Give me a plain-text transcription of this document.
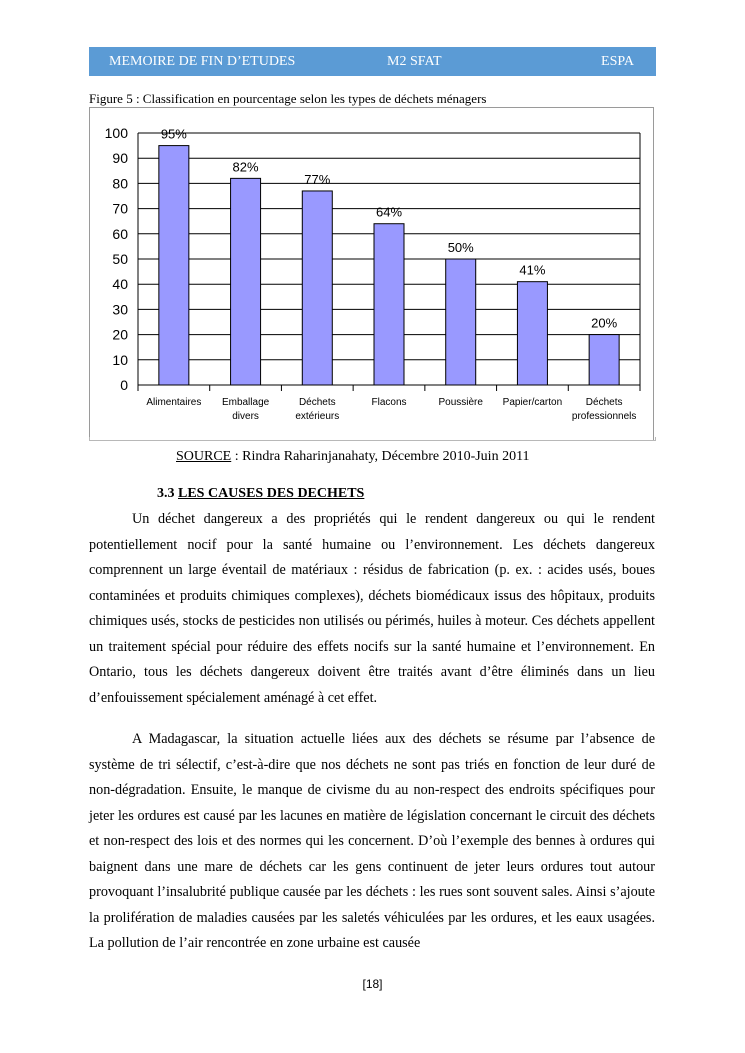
MEMOIRE DE FIN D’ETUDES	M2 SFAT	ESPA
Figure 5 : Classification en pourcentage selon les types de déchets ménagers
0
10
20
30
40
50
60
70
80
90
100	95%
Alimentaires
82%
Emballage
divers
77%
Déchets
extérieurs
64%
Flacons
50%
Poussière
41%
Papier/carton
20%
Déchets
professionnels
SOURCE : Rindra Raharinjanahaty, Décembre 2010-Juin 2011
3.3 LES CAUSES DES DECHETS

Un déchet dangereux a des propriétés qui le rendent dangereux ou qui le rendent potentiellement nocif pour la santé humaine ou l’environnement. Les déchets dangereux comprennent un large éventail de matériaux : résidus de fabrication (p. ex. : acides usés, boues contaminées et produits chimiques complexes), déchets biomédicaux issus des hôpitaux, produits chimiques usés, stocks de pesticides non utilisés ou périmés, huiles à moteur. Ces déchets appellent un traitement spécial pour réduire des effets nocifs sur la santé humaine et l’environnement. En Ontario, tous les déchets dangereux doivent être traités avant d’être éliminés dans un lieu d’enfouissement spécialement aménagé à cet effet.

A Madagascar, la situation actuelle liées aux des déchets se résume par l’absence de système de tri sélectif, c’est-à-dire que nos déchets ne sont pas triés en fonction de leur duré de non-dégradation. Ensuite, le manque de civisme du au non-respect des endroits spécifiques pour jeter les ordures est causé par les lacunes en matière de législation concernant le circuit des déchets et non-respect des lois et des normes qui les concernent. D’où l’exemple des bennes à ordures qui baignent dans une mare de déchets car les gens continuent de jeter leurs ordures tout autour provoquant l’insalubrité publique causée par les déchets : les rues sont souvent sales. Ainsi s’ajoute la prolifération de maladies causées par les saletés véhiculées par les ordures, et les eaux usagées. La pollution de l’air rencontrée en zone urbaine est causée

[18]
